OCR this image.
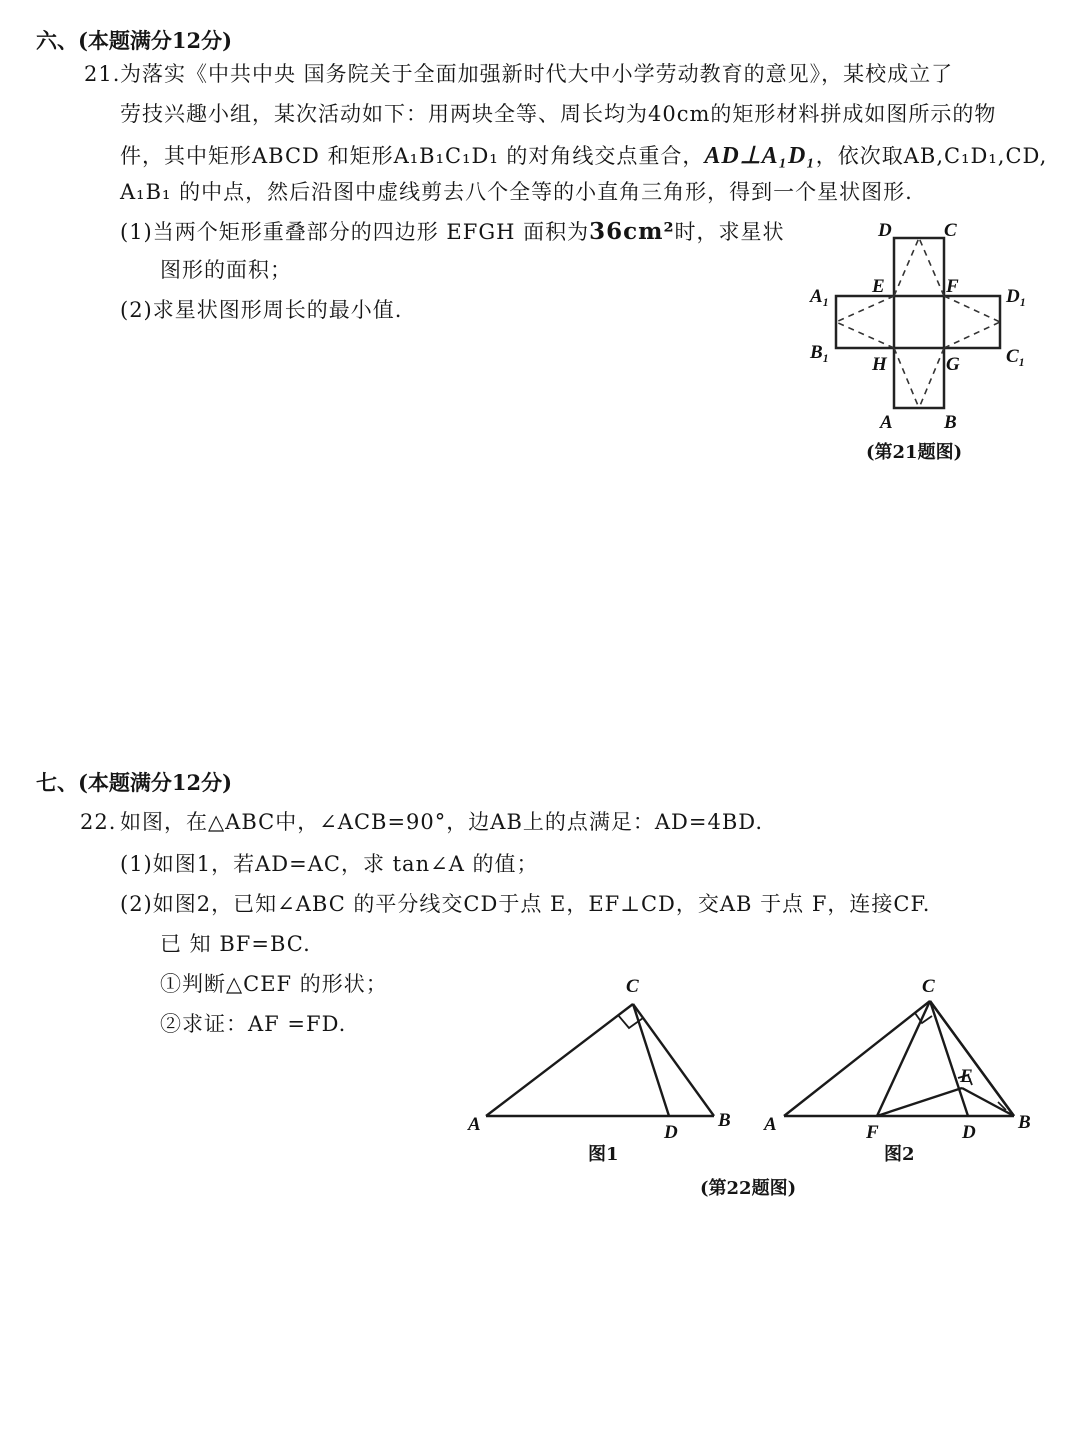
六、(本题满分12分)
21. 为落实《中共中央 国务院关于全面加强新时代大中小学劳动教育的意见》，某校成立了
劳技兴趣小组，某次活动如下：用两块全等、周长均为40cm的矩形材料拼成如图所示的物
件，其中矩形ABCD 和矩形A₁B₁C₁D₁ 的对角线交点重合，AD⊥A₁D₁，依次取AB,C₁D₁,CD,
A₁B₁ 的中点，然后沿图中虚线剪去八个全等的小直角三角形，得到一个星状图形.
(1)当两个矩形重叠部分的四边形 EFGH 面积为36cm²时，求星状
图形的面积；
(2)求星状图形周长的最小值.
D	C
A₁ E	F D₁
B₁
H	G C₁
A	B
(第21题图)
七、(本题满分12分)
22. 如图，在△ABC中，∠ACB=90°，边AB上的点满足：AD=4BD.
(1)如图1，若AD=AC，求 tan∠A 的值；
(2)如图2，已知∠ABC 的平分线交CD于点 E，EF⊥CD，交AB 于点 F，连接CF.
已 知 BF=BC.
①判断△CEF 的形状；
②求证：AF =FD.
C
A	D
B
C
E
A	F	D B
图1	图2
(第22题图)
